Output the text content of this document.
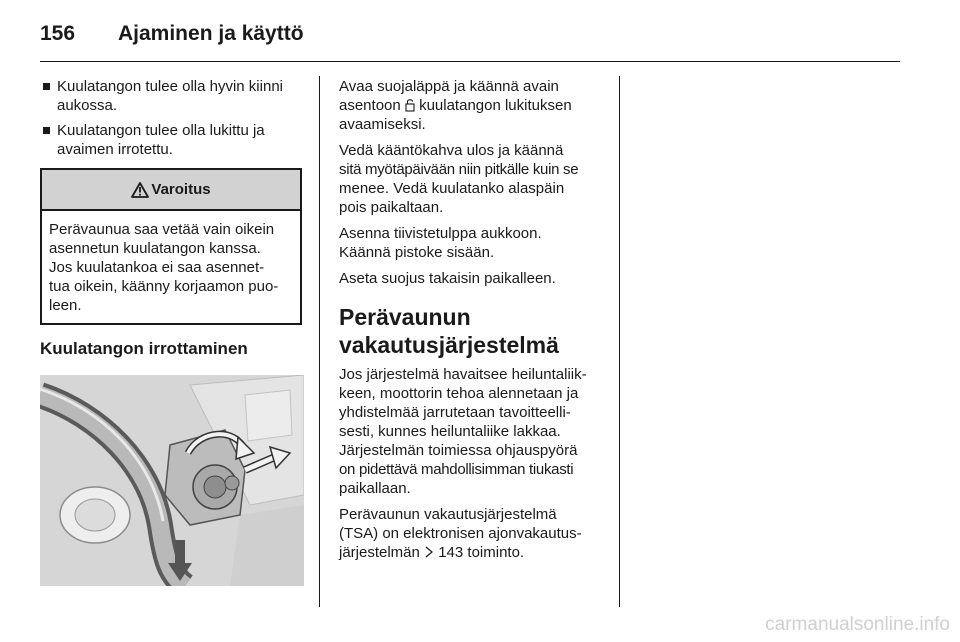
156	Ajaminen ja käyttö
Kuulatangon tulee olla hyvin kiinni aukossa.
Kuulatangon tulee olla lukittu ja avaimen irrotettu.
Varoitus
Perävaunua saa vetää vain oikein
asennetun kuulatangon kanssa.
Jos kuulatankoa ei saa asennet-
tua oikein, käänny korjaamon puo-
leen.
Kuulatangon irrottaminen

Avaa suojaläppä ja käännä avain asentoon  kuulatangon lukituksen avaamiseksi.

Vedä kääntökahva ulos ja käännä
sitä myötäpäivään niin pitkälle kuin se
menee. Vedä kuulatanko alaspäin
pois paikaltaan.

Asenna tiivistetulppa aukkoon.
Käännä pistoke sisään.

Aseta suojus takaisin paikalleen.

Perävaunun
vakautusjärjestelmä

Jos järjestelmä havaitsee heiluntaliik-
keen, moottorin tehoa alennetaan ja
yhdistelmää jarrutetaan tavoitteelli-
sesti, kunnes heiluntaliike lakkaa.
Järjestelmän toimiessa ohjauspyörä
on pidettävä mahdollisimman tiukasti
paikallaan.

Perävaunun vakautusjärjestelmä
(TSA) on elektronisen ajonvakautus-
järjestelmän  143 toiminto.

carmanualsonline.info
